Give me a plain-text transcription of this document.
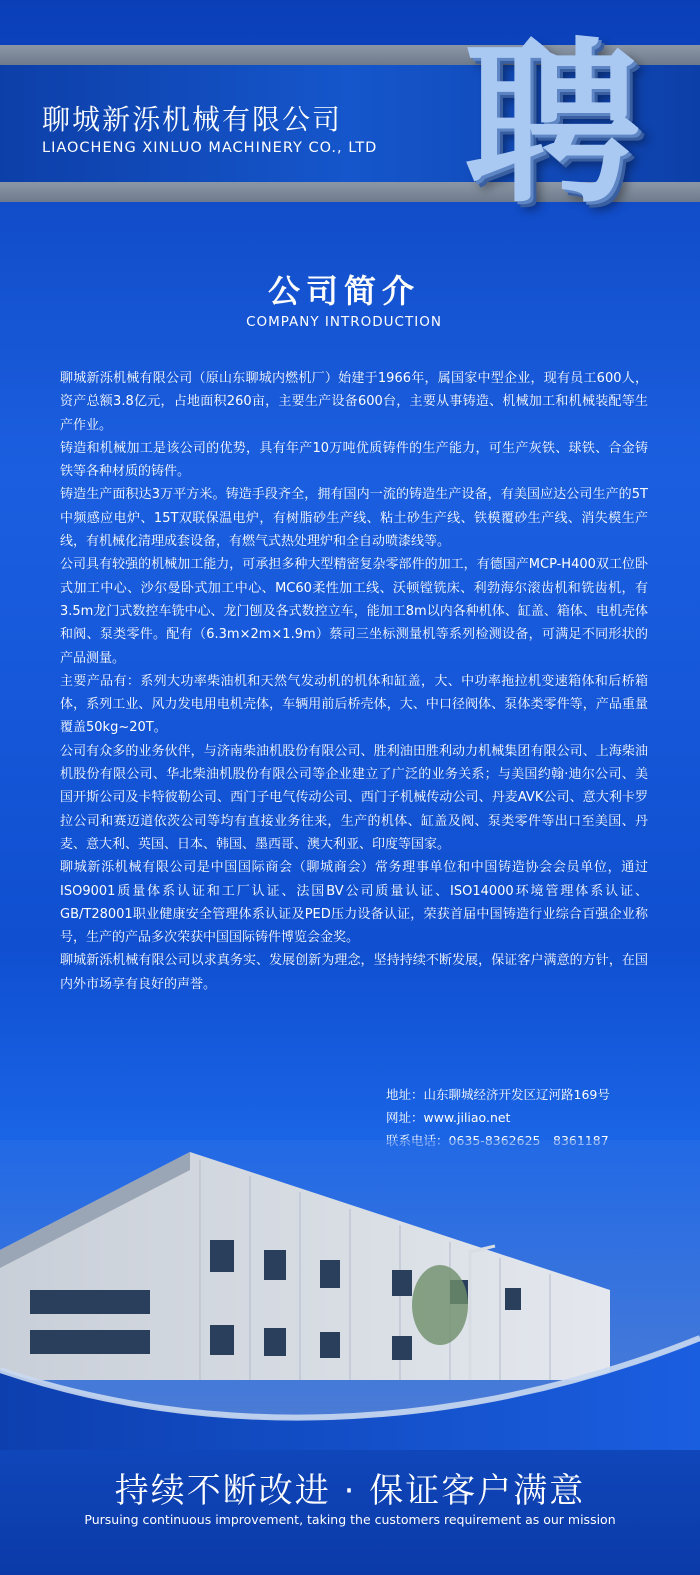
聊城新泺机械有限公司
LIAOCHENG XINLUO MACHINERY CO., LTD 聘
公司简介
COMPANY INTRODUCTION

聊城新泺机械有限公司（原山东聊城内燃机厂）始建于1966年，属国家中型企业，现有员工600人，资产总额3.8亿元，占地面积260亩，主要生产设备600台，主要从事铸造、机械加工和机械装配等生产作业。

铸造和机械加工是该公司的优势，具有年产10万吨优质铸件的生产能力，可生产灰铁、球铁、合金铸铁等各种材质的铸件。

铸造生产面积达3万平方米。铸造手段齐全，拥有国内一流的铸造生产设备，有美国应达公司生产的5T中频感应电炉、15T双联保温电炉，有树脂砂生产线、粘土砂生产线、铁模覆砂生产线、消失模生产线，有机械化清理成套设备，有燃气式热处理炉和全自动喷漆线等。

公司具有较强的机械加工能力，可承担多种大型精密复杂零部件的加工，有德国产MCP-H400双工位卧式加工中心、沙尔曼卧式加工中心、MC60柔性加工线、沃顿镗铣床、利勃海尔滚齿机和铣齿机，有3.5m龙门式数控车铣中心、龙门刨及各式数控立车，能加工8m以内各种机体、缸盖、箱体、电机壳体和阀、泵类零件。配有（6.3m×2m×1.9m）蔡司三坐标测量机等系列检测设备，可满足不同形状的产品测量。

主要产品有：系列大功率柴油机和天然气发动机的机体和缸盖，大、中功率拖拉机变速箱体和后桥箱体，系列工业、风力发电用电机壳体，车辆用前后桥壳体，大、中口径阀体、泵体类零件等，产品重量覆盖50kg~20T。

公司有众多的业务伙伴，与济南柴油机股份有限公司、胜利油田胜利动力机械集团有限公司、上海柴油机股份有限公司、华北柴油机股份有限公司等企业建立了广泛的业务关系；与美国约翰·迪尔公司、美国开斯公司及卡特彼勒公司、西门子电气传动公司、西门子机械传动公司、丹麦AVK公司、意大利卡罗拉公司和赛迈道依茨公司等均有直接业务往来，生产的机体、缸盖及阀、泵类零件等出口至美国、丹麦、意大利、英国、日本、韩国、墨西哥、澳大利亚、印度等国家。

聊城新泺机械有限公司是中国国际商会（聊城商会）常务理事单位和中国铸造协会会员单位，通过ISO9001质量体系认证和工厂认证、法国BV公司质量认证、ISO14000环境管理体系认证、GB/T28001职业健康安全管理体系认证及PED压力设备认证，荣获首届中国铸造行业综合百强企业称号，生产的产品多次荣获中国国际铸件博览会金奖。

聊城新泺机械有限公司以求真务实、发展创新为理念，坚持持续不断发展，保证客户满意的方针，在国内外市场享有良好的声誉。

地址：山东聊城经济开发区辽河路169号
网址：www.jiliao.net
持续不断改进 · 保证客户满意
Pursuing continuous improvement, taking the customers requirement as our mission
